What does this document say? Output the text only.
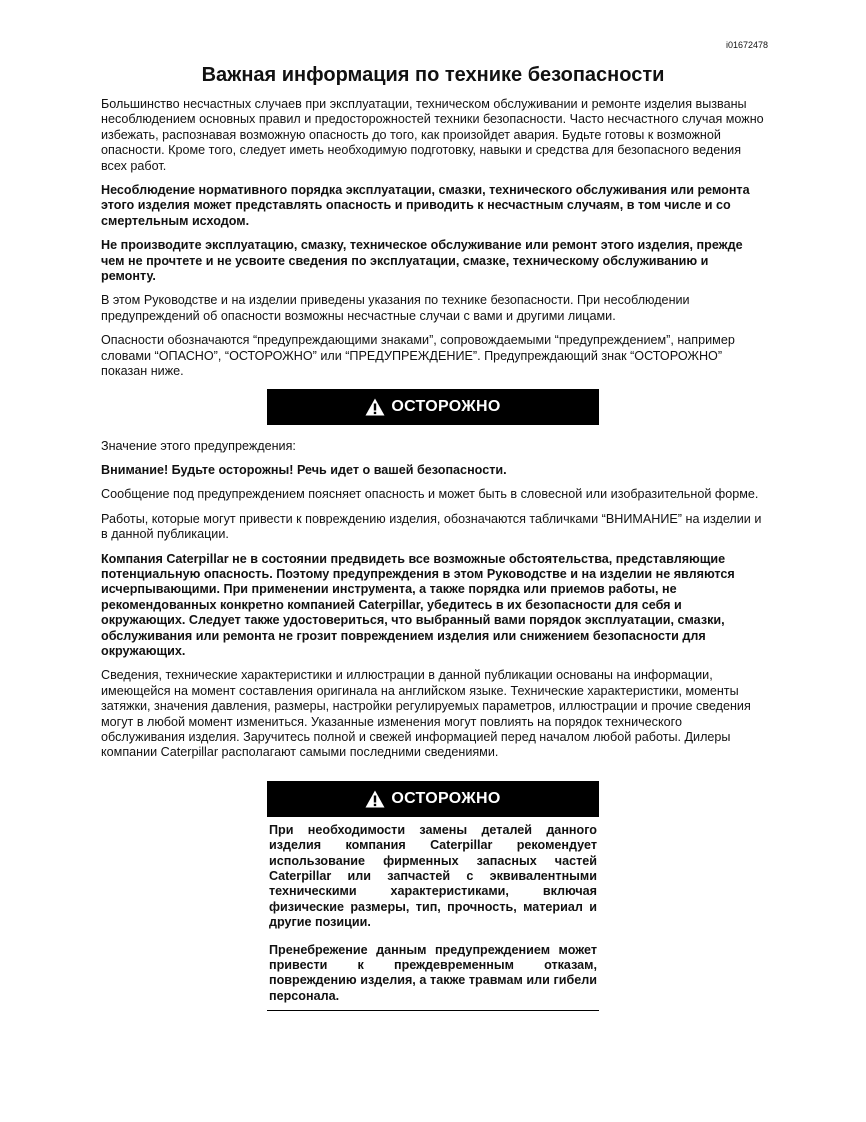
i01672478
Важная информация по технике безопасности

Большинство несчастных случаев при эксплуатации, техническом обслуживании и ремонте изделия вызваны несоблюдением основных правил и предосторожностей техники безопасности. Часто несчастного случая можно избежать, распознавая возможную опасность до того, как произойдет авария. Будьте готовы к возможной опасности. Кроме того, следует иметь необходимую подготовку, навыки и средства для безопасного ведения всех работ.

Несоблюдение нормативного порядка эксплуатации, смазки, технического обслуживания или ремонта этого изделия может представлять опасность и приводить к несчастным случаям, в том числе и со смертельным исходом.

Не производите эксплуатацию, смазку, техническое обслуживание или ремонт этого изделия, прежде чем не прочтете и не усвоите сведения по эксплуатации, смазке, техническому обслуживанию и ремонту.

В этом Руководстве и на изделии приведены указания по технике безопасности. При несоблюдении предупреждений об опасности возможны несчастные случаи с вами и другими лицами.

Опасности обозначаются “предупреждающими знаками”, сопровождаемыми “предупреждением”, например словами “ОПАСНО”, “ОСТОРОЖНО” или “ПРЕДУПРЕЖДЕНИЕ”. Предупреждающий знак “ОСТОРОЖНО” показан ниже.

ОСТОРОЖНО

Значение этого предупреждения:

Внимание! Будьте осторожны! Речь идет о вашей безопасности.

Сообщение под предупреждением поясняет опасность и может быть в словесной или изобразительной форме.

Работы, которые могут привести к повреждению изделия, обозначаются табличками “ВНИМАНИЕ” на изделии и в данной публикации.

Компания Caterpillar не в состоянии предвидеть все возможные обстоятельства, представляющие потенциальную опасность. Поэтому предупреждения в этом Руководстве и на изделии не являются исчерпывающими. При применении инструмента, а также порядка или приемов работы, не рекомендованных конкретно компанией Caterpillar, убедитесь в их безопасности для себя и окружающих. Следует также удостовериться, что выбранный вами порядок эксплуатации, смазки, обслуживания или ремонта не грозит повреждением изделия или снижением безопасности для окружающих.

Сведения, технические характеристики и иллюстрации в данной публикации основаны на информации, имеющейся на момент составления оригинала на английском языке. Технические характеристики, моменты затяжки, значения давления, размеры, настройки регулируемых параметров, иллюстрации и прочие сведения могут в любой момент измениться. Указанные изменения могут повлиять на порядок технического обслуживания изделия. Заручитесь полной и свежей информацией перед началом любой работы. Дилеры компании Caterpillar располагают самыми последними сведениями.

ОСТОРОЖНО

При необходимости замены деталей данного изделия компания Caterpillar рекомендует использование фирменных запасных частей Caterpillar или запчастей с эквивалентными техническими характеристиками, включая физические размеры, тип, прочность, материал и другие позиции.

Пренебрежение данным предупреждением может привести к преждевременным отказам, повреждению изделия, а также травмам или гибели персонала.
